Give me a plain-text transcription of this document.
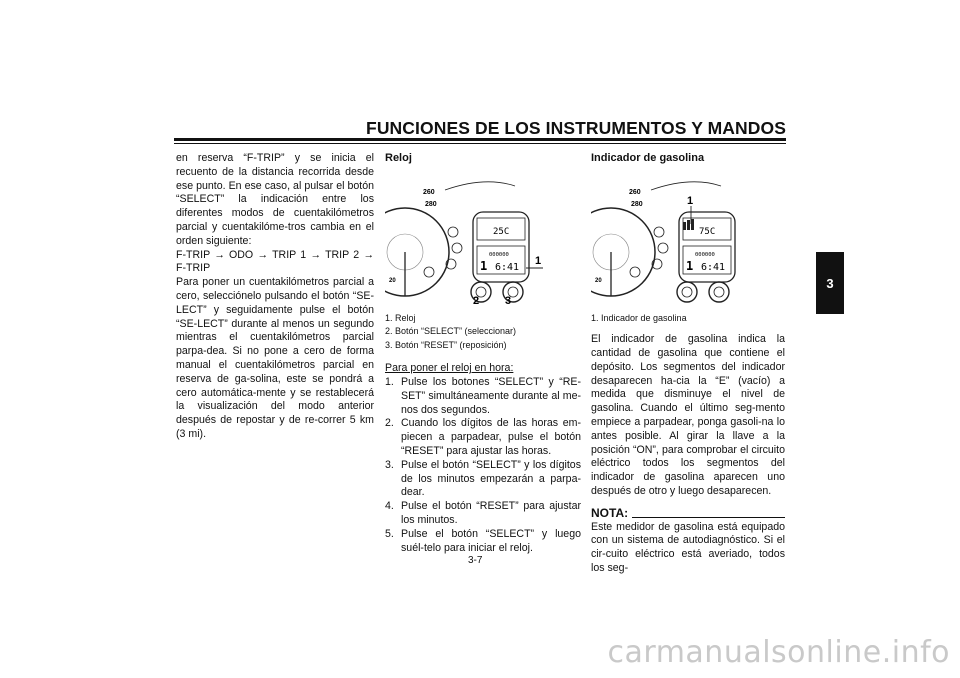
FUNCIONES DE LOS INSTRUMENTOS Y MANDOS
3

en reserva “F-TRIP” y se inicia el recuento de la distancia recorrida desde ese punto. En ese caso, al pulsar el botón “SELECT” la indicación entre los diferentes modos de cuentakilómetros parcial y cuentakilóme-tros cambia en el orden siguiente:

F-TRIP → ODO → TRIP 1 → TRIP 2 → F-TRIP

Para poner un cuentakilómetros parcial a cero, selecciónelo pulsando el botón “SE-LECT” y seguidamente pulse el botón “SE-LECT” durante al menos un segundo mientras el cuentakilómetros parcial parpa-dea. Si no pone a cero de forma manual el cuentakilómetros parcial en reserva de ga-solina, este se pondrá a cero automática-mente y se restablecerá la visualización del modo anterior después de repostar y de re-correr 5 km (3 mi).

Reloj
260
280
20
25C
000000
1 6:41
1
2 3
1. Reloj
2. Botón “SELECT” (seleccionar)
3. Botón “RESET” (reposición)
Para poner el reloj en hora:
1. Pulse los botones “SELECT” y “RE-SET” simultáneamente durante al me-nos dos segundos.
2. Cuando los dígitos de las horas em-piecen a parpadear, pulse el botón “RESET” para ajustar las horas.
3. Pulse el botón “SELECT” y los dígitos de los minutos empezarán a parpa-dear.
4. Pulse el botón “RESET” para ajustar los minutos.
5. Pulse el botón “SELECT” y luego suél-telo para iniciar el reloj.
Indicador de gasolina
260
280
20
75C
000000
1 6:41
1
1. Indicador de gasolina

El indicador de gasolina indica la cantidad de gasolina que contiene el depósito. Los segmentos del indicador desaparecen ha-cia la “E” (vacío) a medida que disminuye el nivel de gasolina. Cuando el último seg-mento empiece a parpadear, ponga gasoli-na lo antes posible. Al girar la llave a la posición “ON”, para comprobar el circuito eléctrico todos los segmentos del indicador de gasolina aparecen uno después de otro y luego desaparecen.

NOTA:

Este medidor de gasolina está equipado con un sistema de autodiagnóstico. Si el cir-cuito eléctrico está averiado, todos los seg-

3-7
carmanualsonline.info
